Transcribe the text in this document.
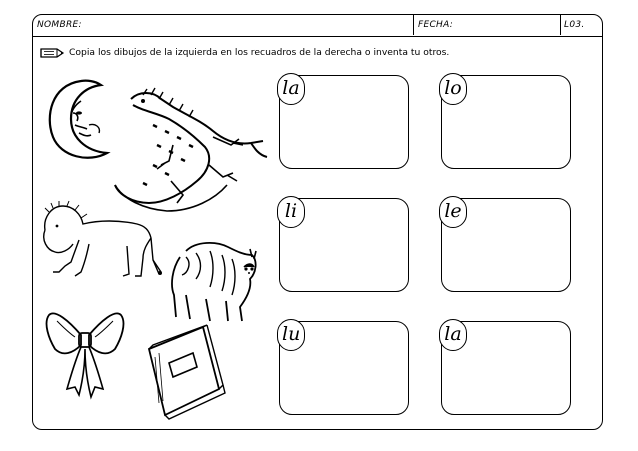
NOMBRE:	FECHA:	L03.
Copia los dibujos de la izquierda en los recuadros de la derecha o inventa tu otros.
la	lo
li	le
lu	la
